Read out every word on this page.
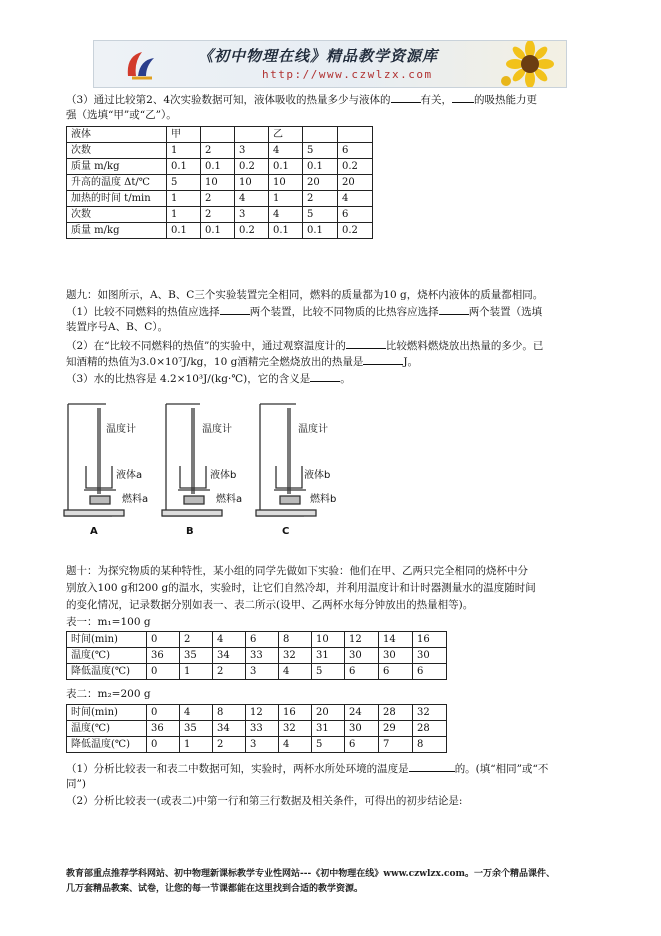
《初中物理在线》精品教学资源库
http://www.czwlzx.com
（3）通过比较第2、4次实验数据可知，液体吸收的热量多少与液体的	有关， 的吸热能力更
强（选填“甲”或“乙”）。
液体	甲			乙		
次数	1	2	3	4	5	6
质量 m/kg	0.1	0.1	0.2	0.1	0.1	0.2
升高的温度 Δt/℃	5	10	10	10	20	20
加热的时间 t/min	1	2	4	1	2	4
次数	1	2	3	4	5	6
质量 m/kg	0.1	0.1	0.2	0.1	0.1	0.2
题九：如图所示，A、B、C三个实验装置完全相同，燃料的质量都为10 g，烧杯内液体的质量都相同。
（1）比较不同燃料的热值应选择	两个装置，比较不同物质的比热容应选择	两个装置（选填
装置序号A、B、C）。
（2）在“比较不同燃料的热值”的实验中，通过观察温度计的	比较燃料燃烧放出热量的多少。已
知酒精的热值为3.0×10⁷J/kg，10 g酒精完全燃烧放出的热量是	J。
（3）水的比热容是 4.2×10³J/(kg·℃)，它的含义是	。
温度计
液体a
燃料a
温度计
液体b
燃料a
温度计
液体b
燃料b
A	B	C
题十：为探究物质的某种特性，某小组的同学先做如下实验：他们在甲、乙两只完全相同的烧杯中分
别放入100 g和200 g的温水，实验时，让它们自然冷却，并利用温度计和计时器测量水的温度随时间
的变化情况，记录数据分别如表一、表二所示(设甲、乙两杯水每分钟放出的热量相等)。
表一：m₁=100 g
时间(min)	0	2	4	6	8	10	12	14	16
温度(℃)	36	35	34	33	32	31	30	30	30
降低温度(℃)	0	1	2	3	4	5	6	6	6
表二：m₂=200 g
时间(min)	0	4	8	12	16	20	24	28	32
温度(℃)	36	35	34	33	32	31	30	29	28
降低温度(℃)	0	1	2	3	4	5	6	7	8
（1）分析比较表一和表二中数据可知，实验时，两杯水所处环境的温度是	的。(填“相同”或“不
同”)
（2）分析比较表一(或表二)中第一行和第三行数据及相关条件，可得出的初步结论是:
教育部重点推荐学科网站、初中物理新课标教学专业性网站---《初中物理在线》www.czwlzx.com。一万余个精品课件、
几万套精品教案、试卷，让您的每一节课都能在这里找到合适的教学资源。
